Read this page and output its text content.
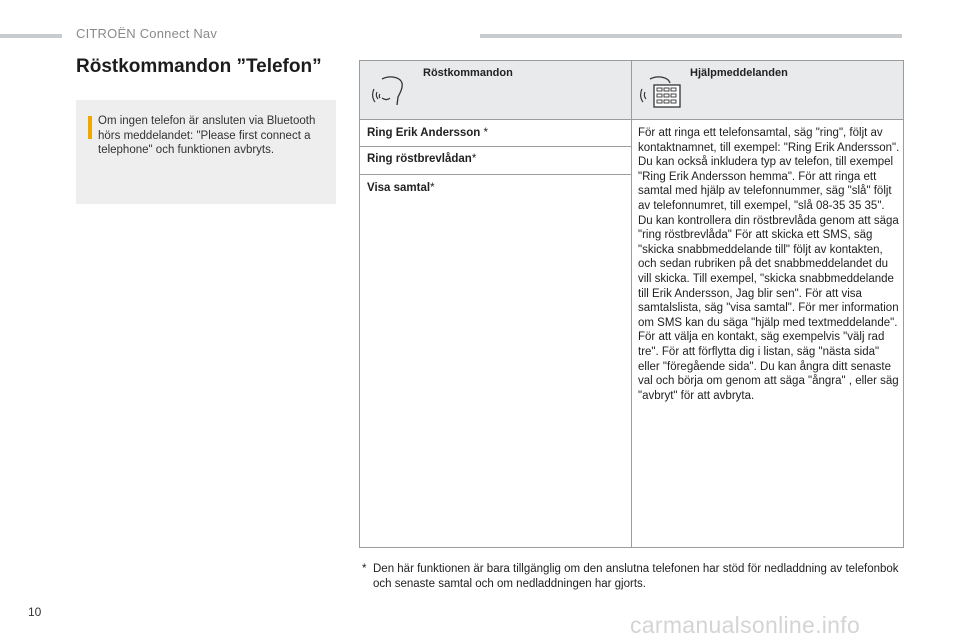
CITROËN Connect Nav
Röstkommandon ”Telefon”
Om ingen telefon är ansluten via Bluetooth hörs meddelandet: "Please first connect a telephone" och funktionen avbryts.
Röstkommandon	Hjälpmeddelanden
Ring Erik Andersson *
Ring röstbrevlådan*
Visa samtal*
För att ringa ett telefonsamtal, säg "ring", följt av kontaktnamnet, till exempel: "Ring Erik Andersson". Du kan också inkludera typ av telefon, till exempel "Ring Erik Andersson hemma". För att ringa ett samtal med hjälp av telefonnummer, säg "slå" följt av telefonnumret, till exempel, "slå 08-35 35 35". Du kan kontrollera din röstbrevlåda genom att säga "ring röstbrevlåda" För att skicka ett SMS, säg "skicka snabbmeddelande till" följt av kontakten, och sedan rubriken på det snabbmeddelandet du vill skicka. Till exempel, "skicka snabbmeddelande till Erik Andersson, Jag blir sen". För att visa samtalslista, säg "visa samtal". För mer information om SMS kan du säga "hjälp med textmeddelande". För att välja en kontakt, säg exempelvis "välj rad tre". För att förflytta dig i listan, säg "nästa sida" eller "föregående sida". Du kan ångra ditt senaste val och börja om genom att säga "ångra" , eller säg "avbryt" för att avbryta.
* Den här funktionen är bara tillgänglig om den anslutna telefonen har stöd för nedladdning av telefonbok och senaste samtal och om nedladdningen har gjorts.
10	carmanualsonline.info
